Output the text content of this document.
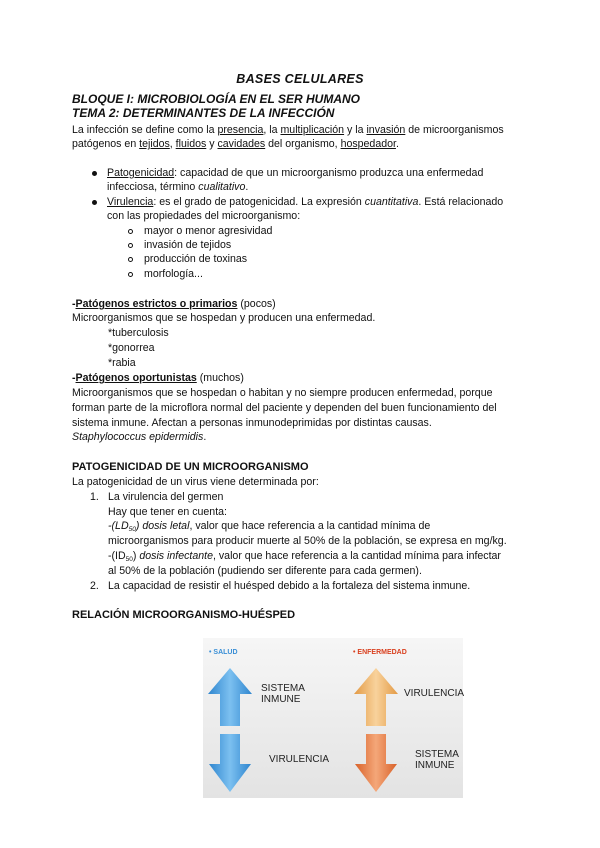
BASES CELULARES
BLOQUE I: MICROBIOLOGÍA EN EL SER HUMANO
TEMA 2: DETERMINANTES DE LA INFECCIÓN
La infección se define como la presencia, la multiplicación y la invasión de microorganismos
patógenos en tejidos, fluidos y cavidades del organismo, hospedador.
Patogenicidad: capacidad de que un microorganismo produzca una enfermedad
infecciosa, término cualitativo.
Virulencia: es el grado de patogenicidad. La expresión cuantitativa. Está relacionado
con las propiedades del microorganismo:
mayor o menor agresividad
invasión de tejidos
producción de toxinas
morfología...
-Patógenos estrictos o primarios (pocos)
Microorganismos que se hospedan y producen una enfermedad.
*tuberculosis
*gonorrea
*rabia
-Patógenos oportunistas (muchos)
Microorganismos que se hospedan o habitan y no siempre producen enfermedad, porque
forman parte de la microflora normal del paciente y dependen del buen funcionamiento del
sistema inmune. Afectan a personas inmunodeprimidas por distintas causas.
Staphylococcus epidermidis.
PATOGENICIDAD DE UN MICROORGANISMO
La patogenicidad de un virus viene determinada por:
1. La virulencia del germen
Hay que tener en cuenta:
$-(LD_{50})$ dosis letal, valor que hace referencia a la cantidad mínima de
microorganismos para producir muerte al 50% de la población, se expresa en mg/kg.
$-(ID_{50})$ dosis infectante, valor que hace referencia a la cantidad mínima para infectar
al 50% de la población (pudiendo ser diferente para cada germen).
2. La capacidad de resistir el huésped debido a la fortaleza del sistema inmune.
RELACIÓN MICROORGANISMO-HUÉSPED
• SALUD	• ENFERMEDAD
SISTEMA
INMUNE
VIRULENCIA
VIRULENCIA
SISTEMA
INMUNE
